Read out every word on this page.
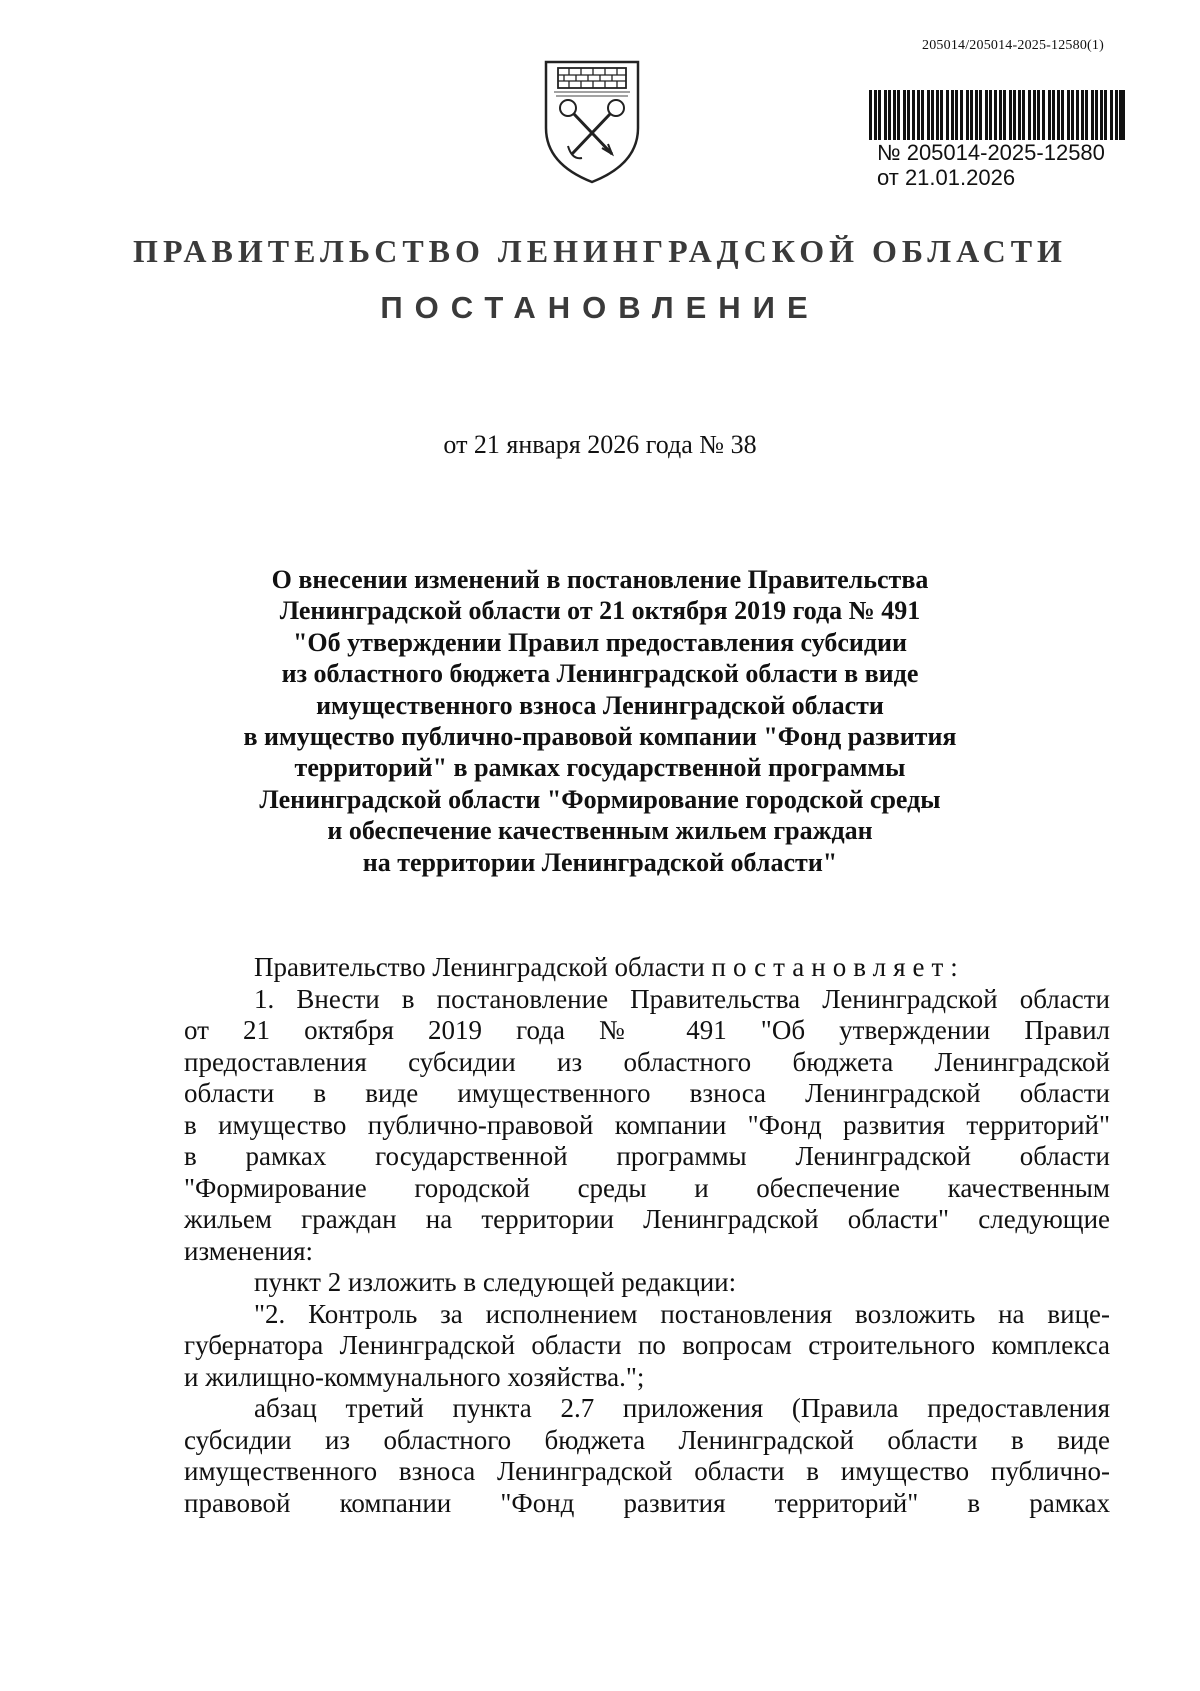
205014/205014-2025-12580(1)
№ 205014-2025-12580
от 21.01.2026
ПРАВИТЕЛЬСТВО ЛЕНИНГРАДСКОЙ ОБЛАСТИ
ПОСТАНОВЛЕНИЕ
от 21 января 2026 года № 38
О внесении изменений в постановление Правительства
Ленинградской области от 21 октября 2019 года № 491
"Об утверждении Правил предоставления субсидии
из областного бюджета Ленинградской области в виде
имущественного взноса Ленинградской области
в имущество публично-правовой компании "Фонд развития
территорий" в рамках государственной программы
Ленинградской области "Формирование городской среды
и обеспечение качественным жильем граждан
на территории Ленинградской области"
Правительство Ленинградской области постановляет:
1. Внести в постановление Правительства Ленинградской области
от 21 октября 2019 года № 491 "Об утверждении Правил
предоставления субсидии из областного бюджета Ленинградской
области в виде имущественного взноса Ленинградской области
в имущество публично-правовой компании "Фонд развития территорий"
в рамках государственной программы Ленинградской области
"Формирование городской среды и обеспечение качественным
жильем граждан на территории Ленинградской области" следующие
изменения:
пункт 2 изложить в следующей редакции:
"2. Контроль за исполнением постановления возложить на вице-
губернатора Ленинградской области по вопросам строительного комплекса
и жилищно-коммунального хозяйства.";
абзац третий пункта 2.7 приложения (Правила предоставления
субсидии из областного бюджета Ленинградской области в виде
имущественного взноса Ленинградской области в имущество публично-
правовой компании "Фонд развития территорий" в рамках
